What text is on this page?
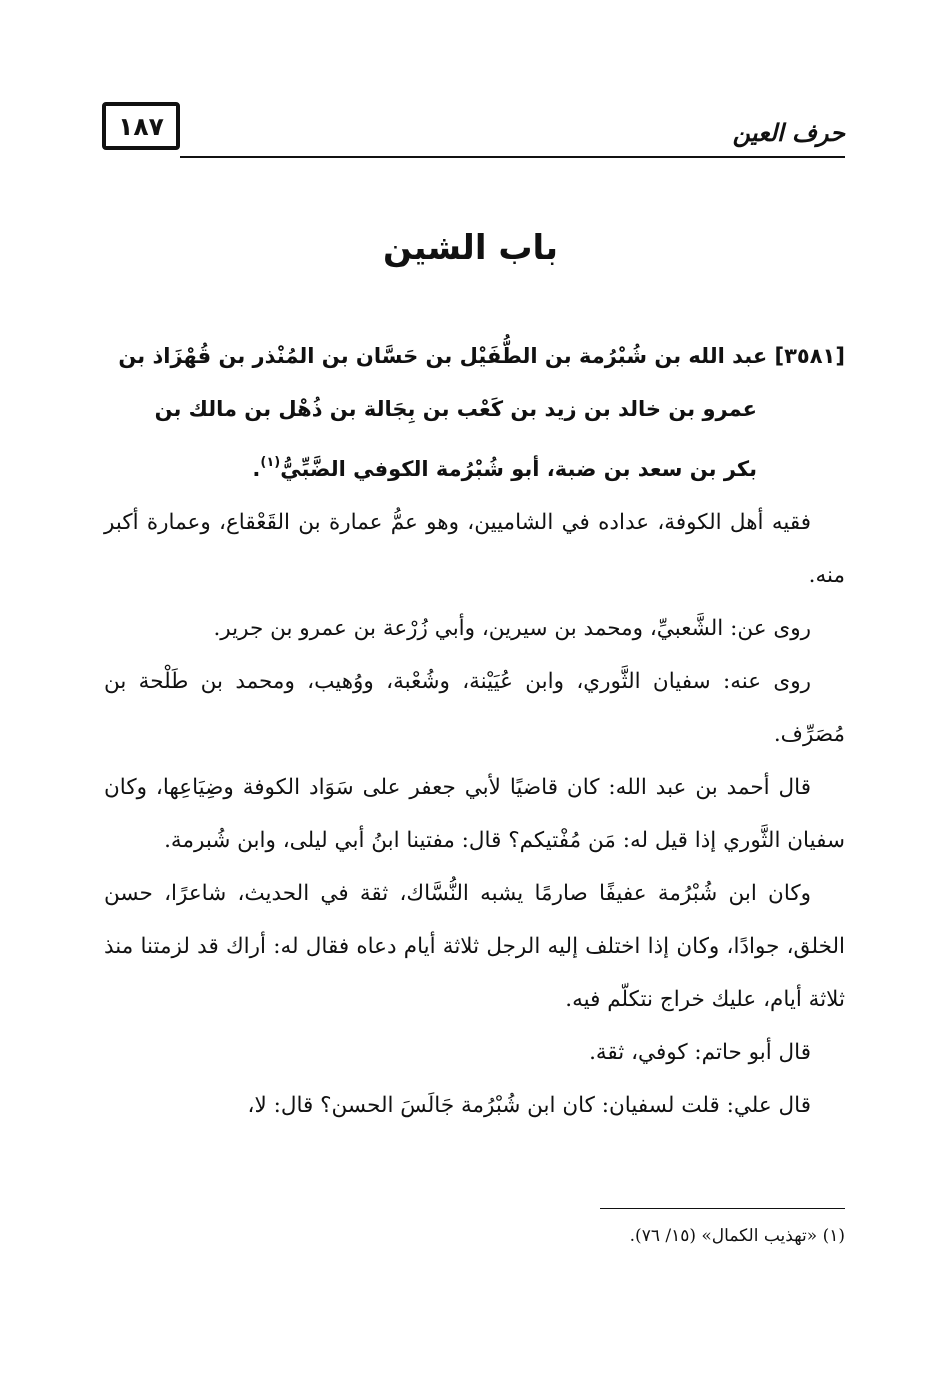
حرف العين
١٨٧
باب الشين
[٣٥٨١] عبد الله بن شُبْرُمة بن الطُّفَيْل بن حَسَّان بن المُنْذر بن قُهْزَاذ بن
عمرو بن خالد بن زيد بن كَعْب بن بِجَالة بن ذُهْل بن مالك بن
بكر بن سعد بن ضبة، أبو شُبْرُمة الكوفي الضَّبِّيُّ$^{(١)}$.

فقيه أهل الكوفة، عداده في الشاميين، وهو عمُّ عمارة بن القَعْقاع، وعمارة أكبر منه.

روى عن: الشَّعبيِّ، ومحمد بن سيرين، وأبي زُرْعة بن عمرو بن جرير.

روى عنه: سفيان الثَّوري، وابن عُيَيْنة، وشُعْبة، ووُهيب، ومحمد بن طَلْحة بن مُصَرِّف.

قال أحمد بن عبد الله: كان قاضيًا لأبي جعفر على سَوَاد الكوفة وضِيَاعِها، وكان سفيان الثَّوري إذا قيل له: مَن مُفْتيكم؟ قال: مفتينا ابنُ أبي ليلى، وابن شُبرمة.

وكان ابن شُبْرُمة عفيفًا صارمًا يشبه النُّسَّاك، ثقة في الحديث، شاعرًا، حسن الخلق، جوادًا، وكان إذا اختلف إليه الرجل ثلاثة أيام دعاه فقال له: أراك قد لزمتنا منذ ثلاثة أيام، عليك خراج نتكلّم فيه.

قال أبو حاتم: كوفي، ثقة.

قال علي: قلت لسفيان: كان ابن شُبْرُمة جَالَسَ الحسن؟ قال: لا،

(١) «تهذيب الكمال» (١٥/ ٧٦).
